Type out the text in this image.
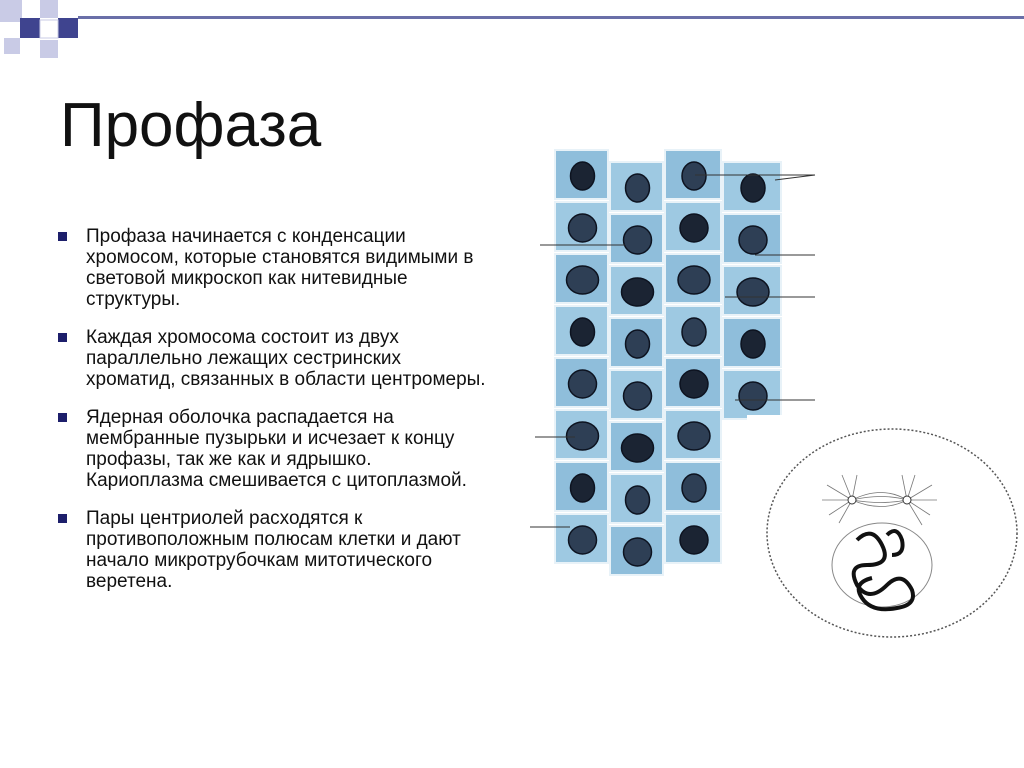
Профаза
Профаза начинается с конденсации хромосом, которые становятся видимыми в световой микроскоп как нитевидные структуры.
Каждая хромосома состоит из двух параллельно лежащих сестринских хроматид, связанных в области центромеры.
Ядерная оболочка распадается на мембранные пузырьки и исчезает к концу профазы, так же как и ядрышко. Кариоплазма смешивается с цитоплазмой.
Пары центриолей расходятся к противоположным полюсам клетки и дают начало микротрубочкам митотического веретена.
